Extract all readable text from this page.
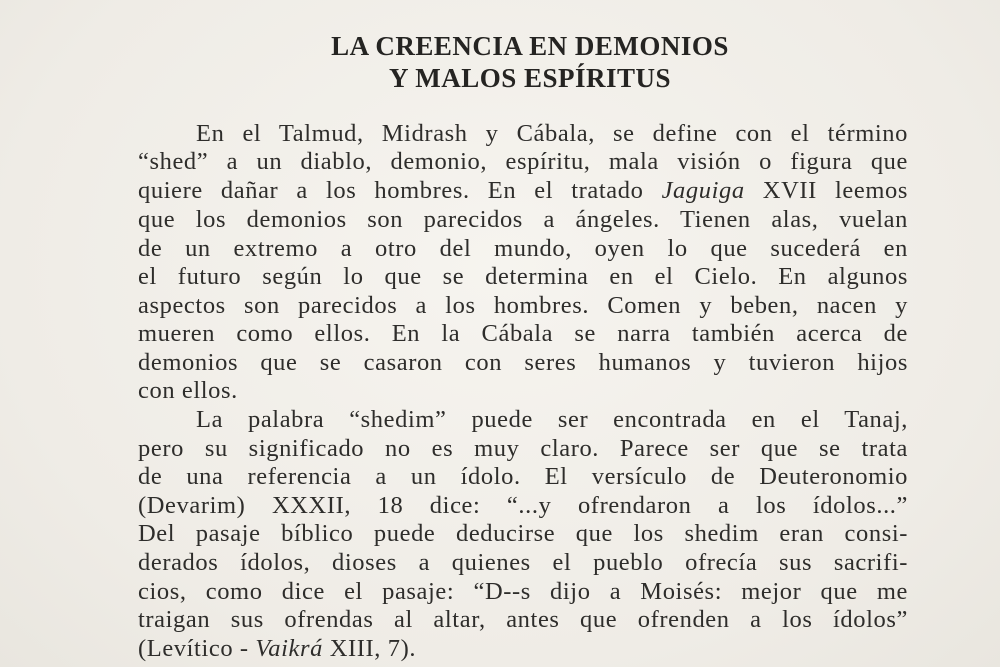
LA CREENCIA EN DEMONIOS
Y MALOS ESPÍRITUS
En el Talmud, Midrash y Cábala, se define con el término
“shed” a un diablo, demonio, espíritu, mala visión o figura que
quiere dañar a los hombres. En el tratado Jaguiga XVII leemos
que los demonios son parecidos a ángeles. Tienen alas, vuelan
de un extremo a otro del mundo, oyen lo que sucederá en
el futuro según lo que se determina en el Cielo. En algunos
aspectos son parecidos a los hombres. Comen y beben, nacen y
mueren como ellos. En la Cábala se narra también acerca de
demonios que se casaron con seres humanos y tuvieron hijos
con ellos.
La palabra “shedim” puede ser encontrada en el Tanaj,
pero su significado no es muy claro. Parece ser que se trata
de una referencia a un ídolo. El versículo de Deuteronomio
(Devarim) XXXII, 18 dice: “...y ofrendaron a los ídolos...”
Del pasaje bíblico puede deducirse que los shedim eran consi-
derados ídolos, dioses a quienes el pueblo ofrecía sus sacrifi-
cios, como dice el pasaje: “D--s dijo a Moisés: mejor que me
traigan sus ofrendas al altar, antes que ofrenden a los ídolos”
(Levítico - Vaikrá XIII, 7).
